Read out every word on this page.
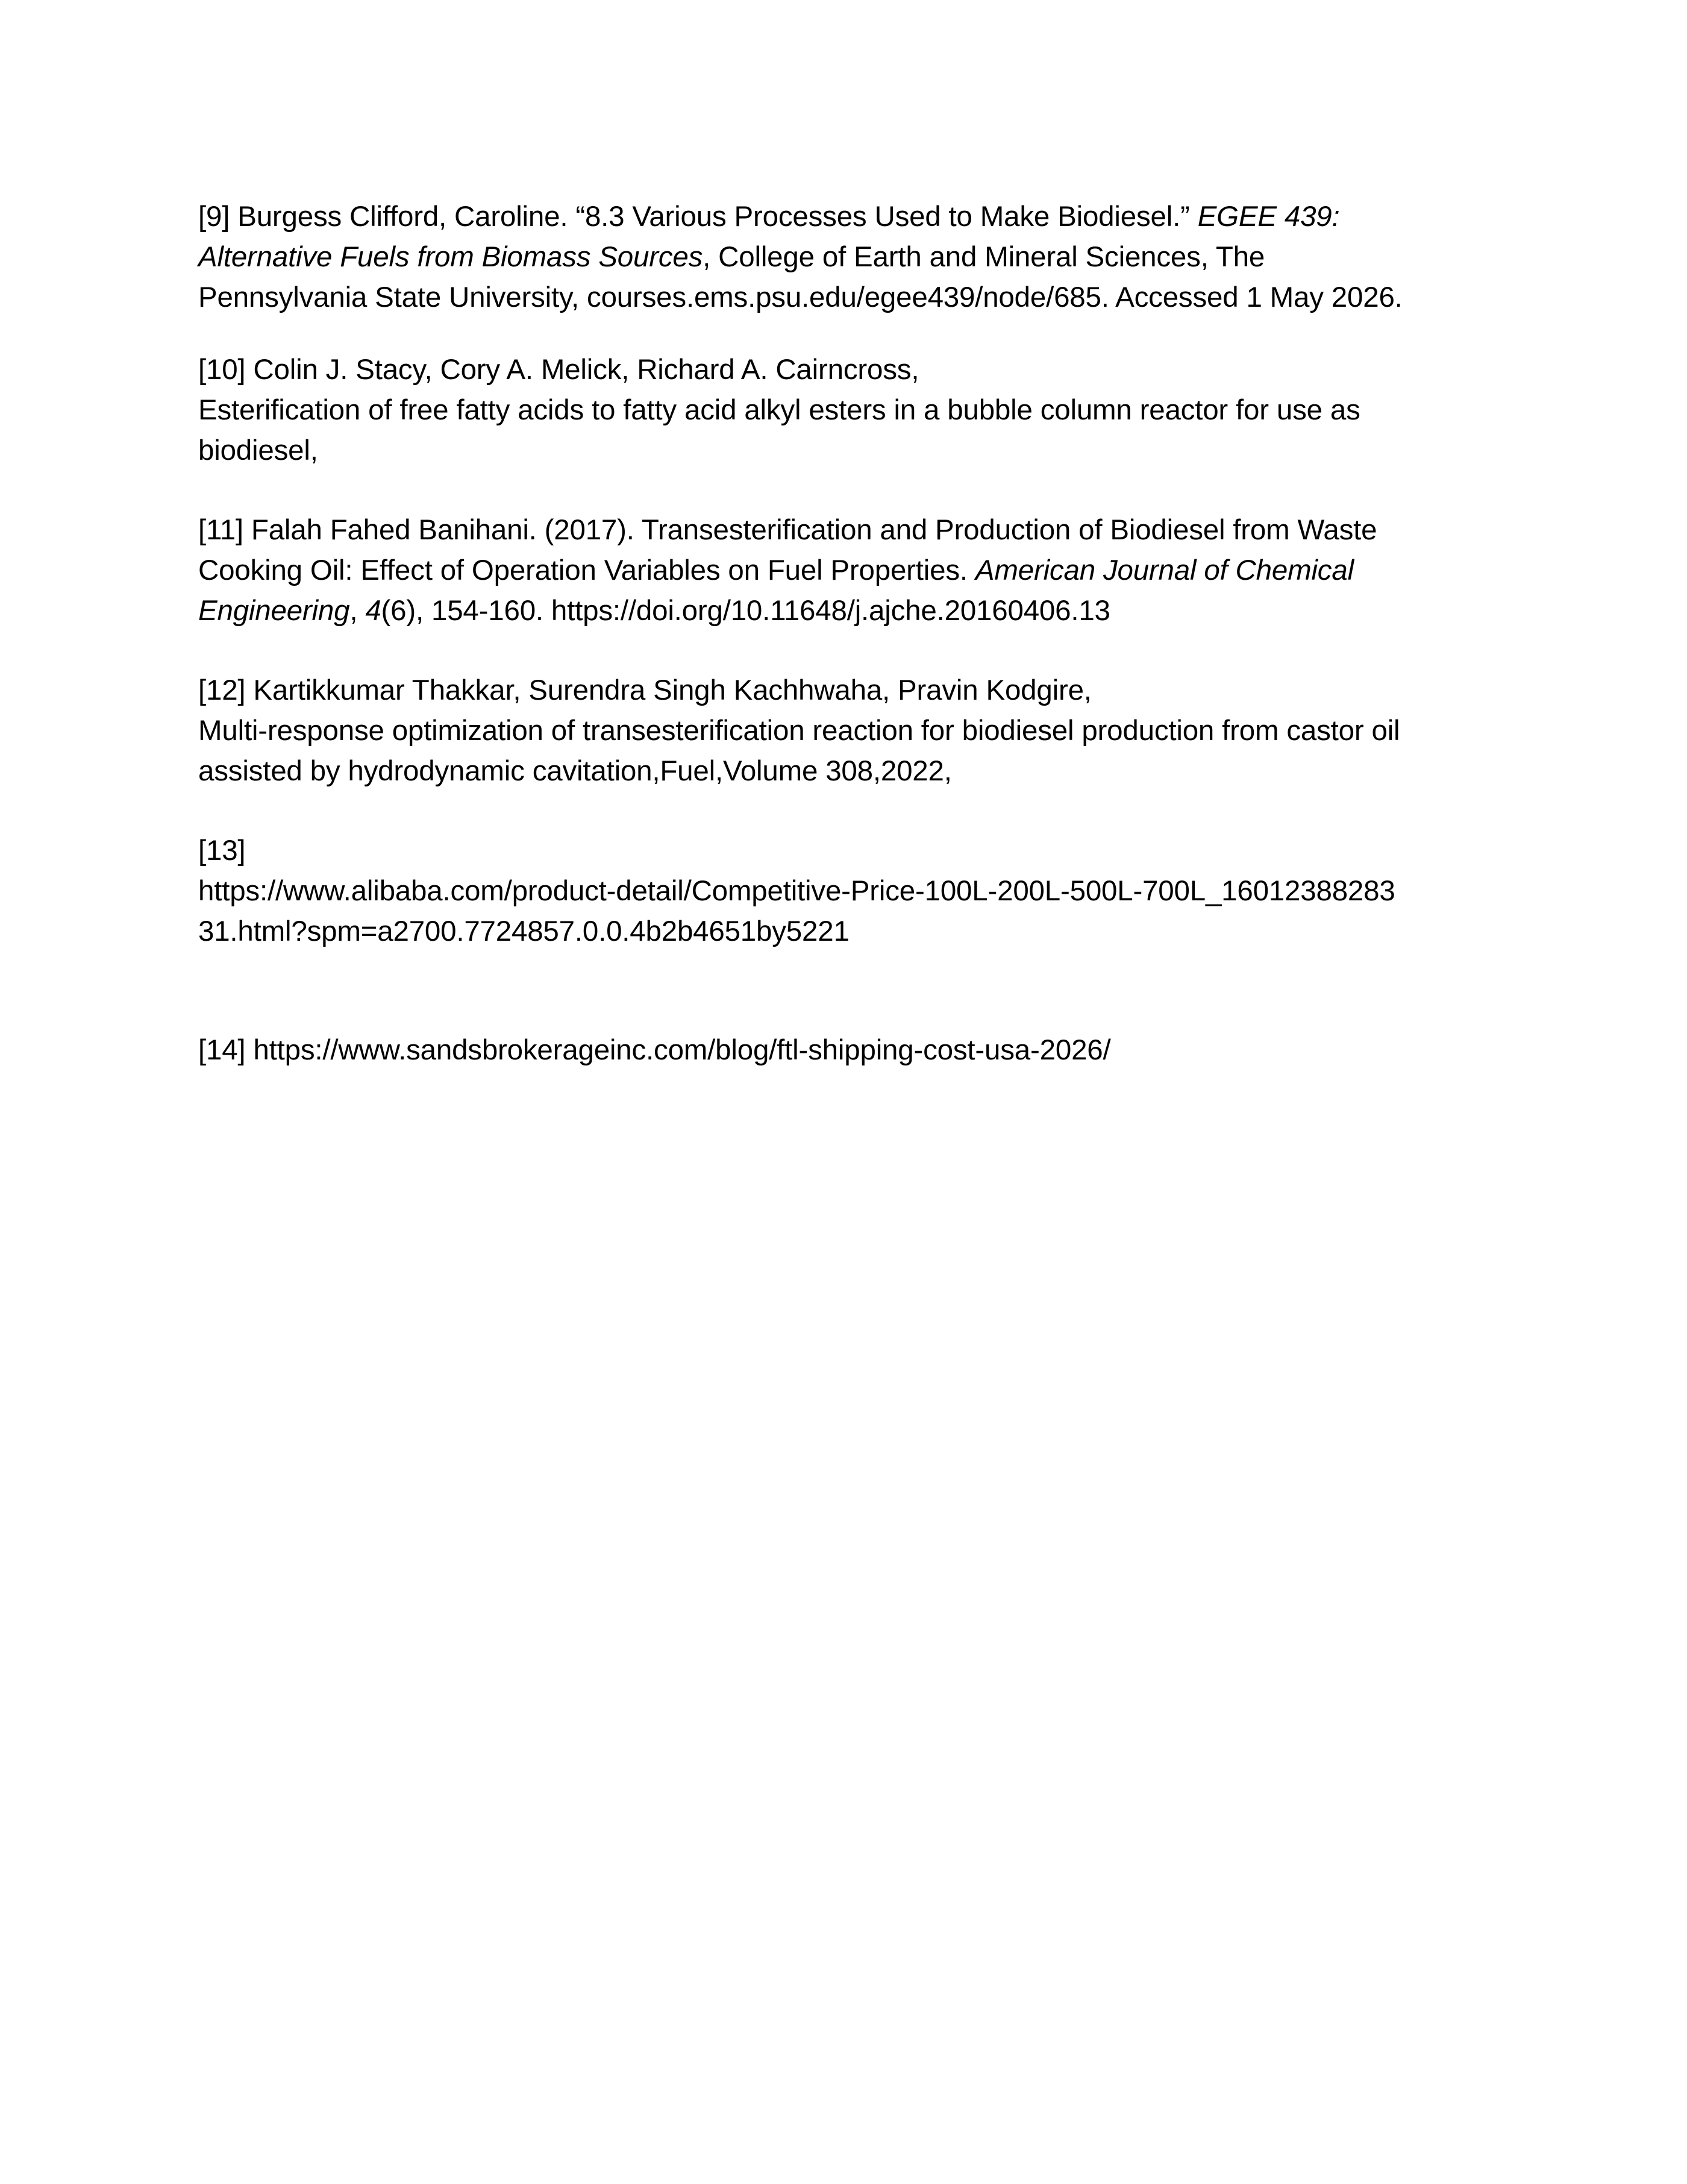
[9] Burgess Clifford, Caroline. “8.3 Various Processes Used to Make Biodiesel.” EGEE 439:
Alternative Fuels from Biomass Sources, College of Earth and Mineral Sciences, The
Pennsylvania State University, courses.ems.psu.edu/egee439/node/685. Accessed 1 May 2026.
[10] Colin J. Stacy, Cory A. Melick, Richard A. Cairncross,
Esterification of free fatty acids to fatty acid alkyl esters in a bubble column reactor for use as
biodiesel,
[11] Falah Fahed Banihani. (2017). Transesterification and Production of Biodiesel from Waste
Cooking Oil: Effect of Operation Variables on Fuel Properties. American Journal of Chemical
Engineering, 4(6), 154-160. https://doi.org/10.11648/j.ajche.20160406.13
[12] Kartikkumar Thakkar, Surendra Singh Kachhwaha, Pravin Kodgire,
Multi-response optimization of transesterification reaction for biodiesel production from castor oil
assisted by hydrodynamic cavitation,Fuel,Volume 308,2022,
[13]
https://www.alibaba.com/product-detail/Competitive-Price-100L-200L-500L-700L_16012388283
31.html?spm=a2700.7724857.0.0.4b2b4651by5221
[14] https://www.sandsbrokerageinc.com/blog/ftl-shipping-cost-usa-2026/
